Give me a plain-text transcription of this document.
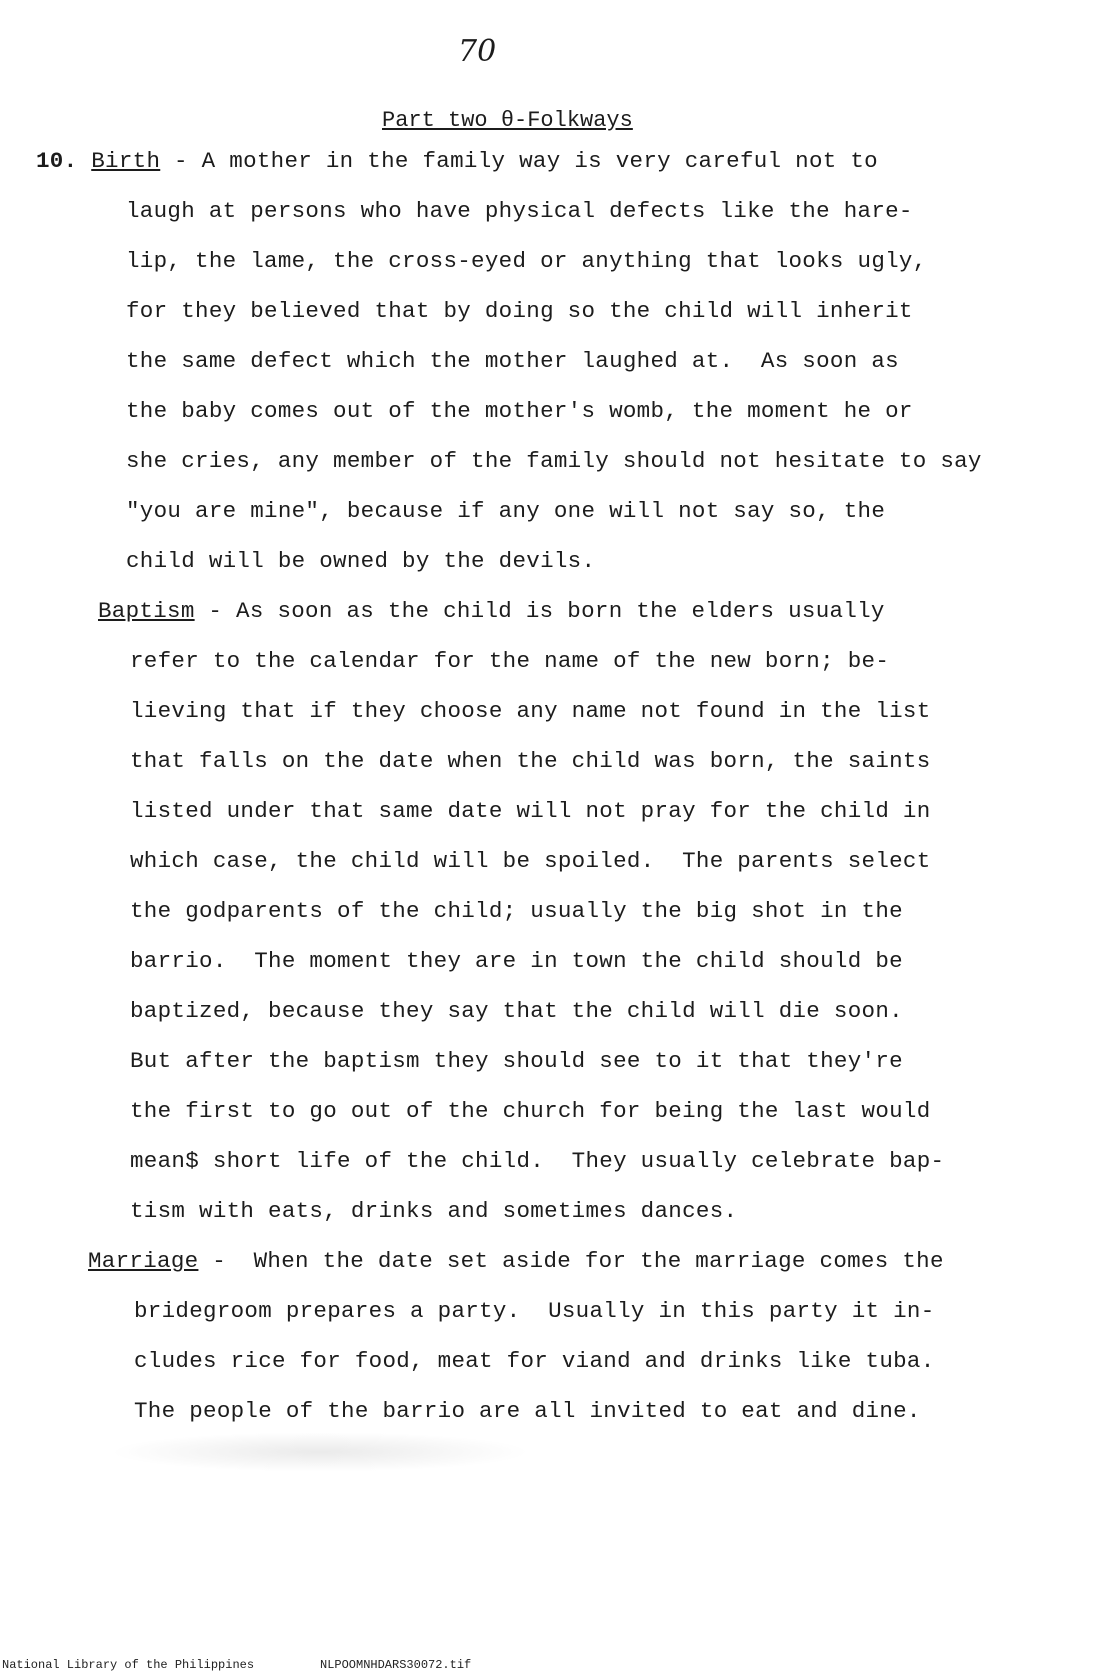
70
Part two θ-Folkways
10. Birth - A mother in the family way is very careful not to
laugh at persons who have physical defects like the hare-
lip, the lame, the cross-eyed or anything that looks ugly,
for they believed that by doing so the child will inherit
the same defect which the mother laughed at.  As soon as
the baby comes out of the mother's womb, the moment he or
she cries, any member of the family should not hesitate to say
"you are mine", because if any one will not say so, the
child will be owned by the devils.
Baptism - As soon as the child is born the elders usually
refer to the calendar for the name of the new born; be-
lieving that if they choose any name not found in the list
that falls on the date when the child was born, the saints
listed under that same date will not pray for the child in
which case, the child will be spoiled.  The parents select
the godparents of the child; usually the big shot in the
barrio.  The moment they are in town the child should be
baptized, because they say that the child will die soon.
But after the baptism they should see to it that they're
the first to go out of the church for being the last would
mean$ short life of the child.  They usually celebrate bap-
tism with eats, drinks and sometimes dances.
Marriage -  When the date set aside for the marriage comes the
bridegroom prepares a party.  Usually in this party it in-
cludes rice for food, meat for viand and drinks like tuba.
The people of the barrio are all invited to eat and dine.
National Library of the Philippines	NLPOOMNHDARS30072.tif
